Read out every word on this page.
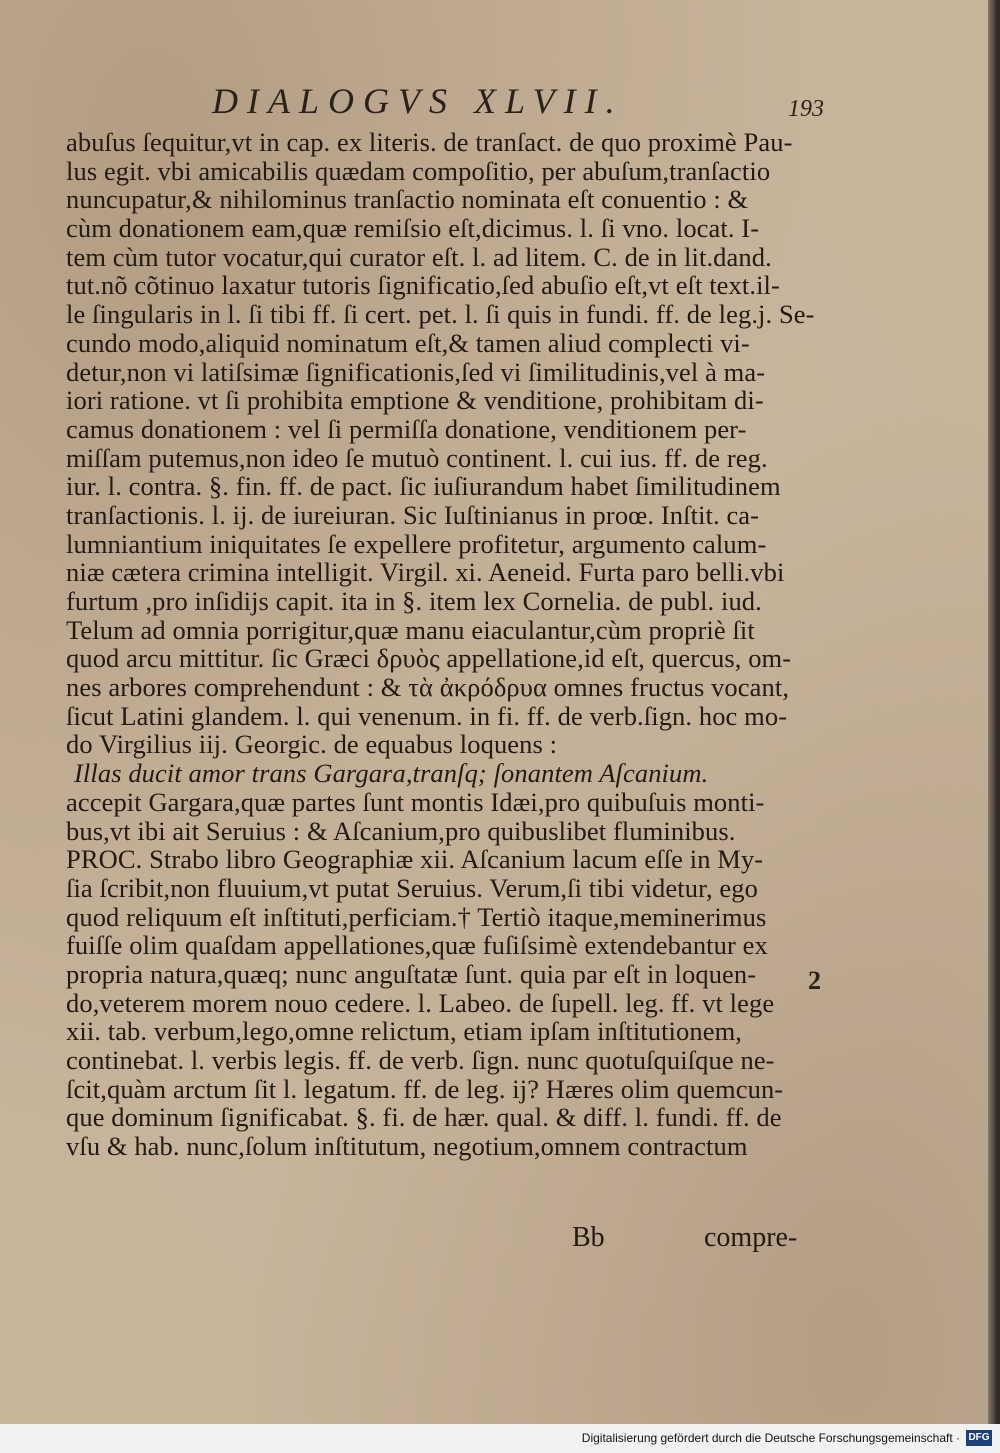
DIALOGVS XLVII.	193
abuſus ſequitur,vt in cap. ex literis. de tranſact. de quo proximè Pau-
lus egit. vbi amicabilis quædam compoſitio, per abuſum,tranſactio
nuncupatur,& nihilominus tranſactio nominata eſt conuentio : &
cùm donationem eam,quæ remiſsio eſt,dicimus. l. ſi vno. locat. I-
tem cùm tutor vocatur,qui curator eſt. l. ad litem. C. de in lit.dand.
tut.nõ cõtinuo laxatur tutoris ſignificatio,ſed abuſio eſt,vt eſt text.il-
le ſingularis in l. ſi tibi ff. ſi cert. pet. l. ſi quis in fundi. ff. de leg.j. Se-
cundo modo,aliquid nominatum eſt,& tamen aliud complecti vi-
detur,non vi latiſsimæ ſignificationis,ſed vi ſimilitudinis,vel à ma-
iori ratione. vt ſi prohibita emptione & venditione, prohibitam di-
camus donationem : vel ſi permiſſa donatione, venditionem per-
miſſam putemus,non ideo ſe mutuò continent. l. cui ius. ff. de reg.
iur. l. contra. §. fin. ff. de pact. ſic iuſiurandum habet ſimilitudinem
tranſactionis. l. ij. de iureiuran. Sic Iuſtinianus in proœ. Inſtit. ca-
lumniantium iniquitates ſe expellere profitetur, argumento calum-
niæ cætera crimina intelligit. Virgil. xi. Aeneid. Furta paro belli.vbi
furtum ,pro inſidijs capit. ita in §. item lex Cornelia. de publ. iud.
Telum ad omnia porrigitur,quæ manu eiaculantur,cùm propriè ſit
quod arcu mittitur. ſic Græci δρυὸς appellatione,id eſt, quercus, om-
nes arbores comprehendunt : & τὰ ἀκρόδρυα omnes fructus vocant,
ſicut Latini glandem. l. qui venenum. in fi. ff. de verb.ſign. hoc mo-
do Virgilius iij. Georgic. de equabus loquens :
Illas ducit amor trans Gargara,tranſq; ſonantem Aſcanium.
accepit Gargara,quæ partes ſunt montis Idæi,pro quibuſuis monti-
bus,vt ibi ait Seruius : & Aſcanium,pro quibuslibet fluminibus.
PROC. Strabo libro Geographiæ xii. Aſcanium lacum eſſe in My-
ſia ſcribit,non fluuium,vt putat Seruius. Verum,ſi tibi videtur, ego
quod reliquum eſt inſtituti,perficiam.† Tertiò itaque,meminerimus
fuiſſe olim quaſdam appellationes,quæ fuſiſsimè extendebantur ex
propria natura,quæq; nunc anguſtatæ ſunt. quia par eſt in loquen-
do,veterem morem nouo cedere. l. Labeo. de ſupell. leg. ff. vt lege
xii. tab. verbum,lego,omne relictum, etiam ipſam inſtitutionem,
continebat. l. verbis legis. ff. de verb. ſign. nunc quotuſquiſque ne-
ſcit,quàm arctum ſit l. legatum. ff. de leg. ij? Hæres olim quemcun-
que dominum ſignificabat. §. fi. de hær. qual. & diff. l. fundi. ff. de
vſu & hab. nunc,ſolum inſtitutum, negotium,omnem contractum
2
Bb	compre-
Digitalisierung gefördert durch die Deutsche Forschungsgemeinschaft · DFG
